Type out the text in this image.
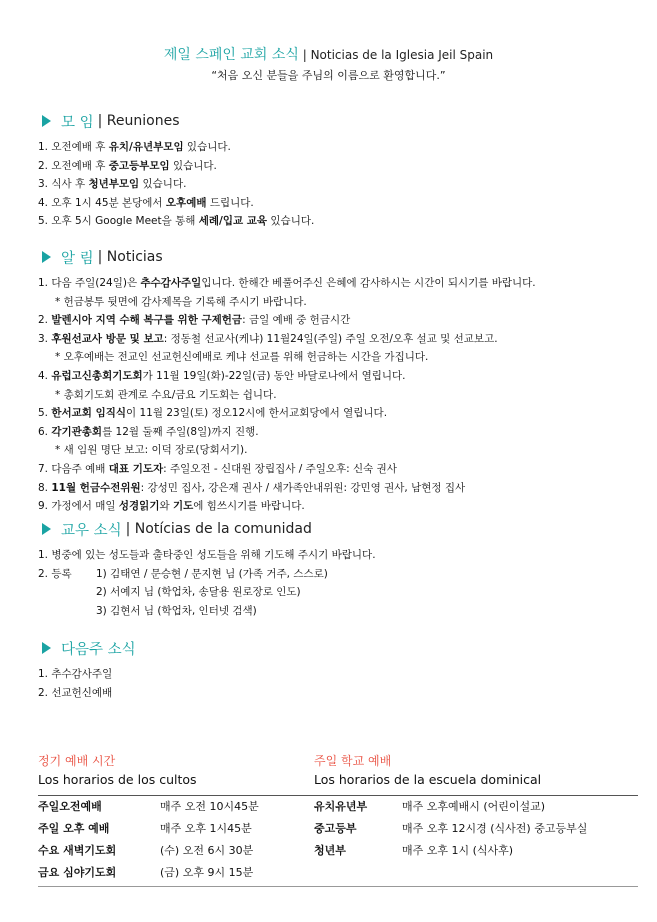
제일 스페인 교회 소식 | Noticias de la Iglesia Jeil Spain
“처음 오신 분들을 주님의 이름으로 환영합니다.”
모 임 | Reuniones
1. 오전예배 후 유치/유년부모임 있습니다.
2. 오전예배 후 중고등부모임 있습니다.
3. 식사 후 청년부모임 있습니다.
4. 오후 1시 45분 본당에서 오후예배 드립니다.
5. 오후 5시 Google Meet을 통해 세례/입교 교육 있습니다.
알 림 | Noticias
1. 다음 주일(24일)은 추수감사주일입니다. 한해간 베풀어주신 은혜에 감사하시는 시간이 되시기를 바랍니다.
* 헌금봉투 뒷면에 감사제목을 기록해 주시기 바랍니다.
2. 발렌시아 지역 수해 복구를 위한 구제헌금: 금일 예배 중 헌금시간
3. 후원선교사 방문 및 보고: 정동철 선교사(케냐) 11월24일(주일) 주일 오전/오후 설교 및 선교보고.
* 오후예배는 전교인 선교헌신예배로 케냐 선교를 위해 헌금하는 시간을 가집니다.
4. 유럽고신총회기도회가 11월 19일(화)-22일(금) 동안 바달로나에서 열립니다.
* 총회기도회 관계로 수요/금요 기도회는 쉽니다.
5. 한서교회 임직식이 11월 23일(토) 정오12시에 한서교회당에서 열립니다.
6. 각기관총회를 12월 둘째 주일(8일)까지 진행.
* 새 임원 명단 보고: 이덕 장로(당회서기).
7. 다음주 예배 대표 기도자: 주일오전 - 신대원 장립집사 / 주일오후: 신숙 권사
8. 11월 헌금수전위원: 강성민 집사, 강은재 권사 / 새가족안내위원: 강민영 권사, 남현정 집사
9. 가정에서 매일 성경읽기와 기도에 힘쓰시기를 바랍니다.
교우 소식 | Notícias de la comunidad
1. 병중에 있는 성도들과 출타중인 성도들을 위해 기도해 주시기 바랍니다.
2. 등록 1) 김태연 / 문승현 / 문지현 님 (가족 거주, 스스로)
2) 서예지 님 (학업차, 송달용 원로장로 인도)
3) 김현서 님 (학업차, 인터넷 검색)
다음주 소식
1. 추수감사주일
2. 선교헌신예배
정기 예배 시간
Los horarios de los cultos
주일 학교 예배
Los horarios de la escuela dominical
주일오전예배	매주 오전 10시45분
주일 오후 예배	매주 오후 1시45분
수요 새벽기도회	(수) 오전 6시 30분
금요 심야기도회	(금) 오후 9시 15분
유치유년부	매주 오후예배시 (어린이설교)
중고등부	매주 오후 12시경 (식사전) 중고등부실
청년부	매주 오후 1시 (식사후)
